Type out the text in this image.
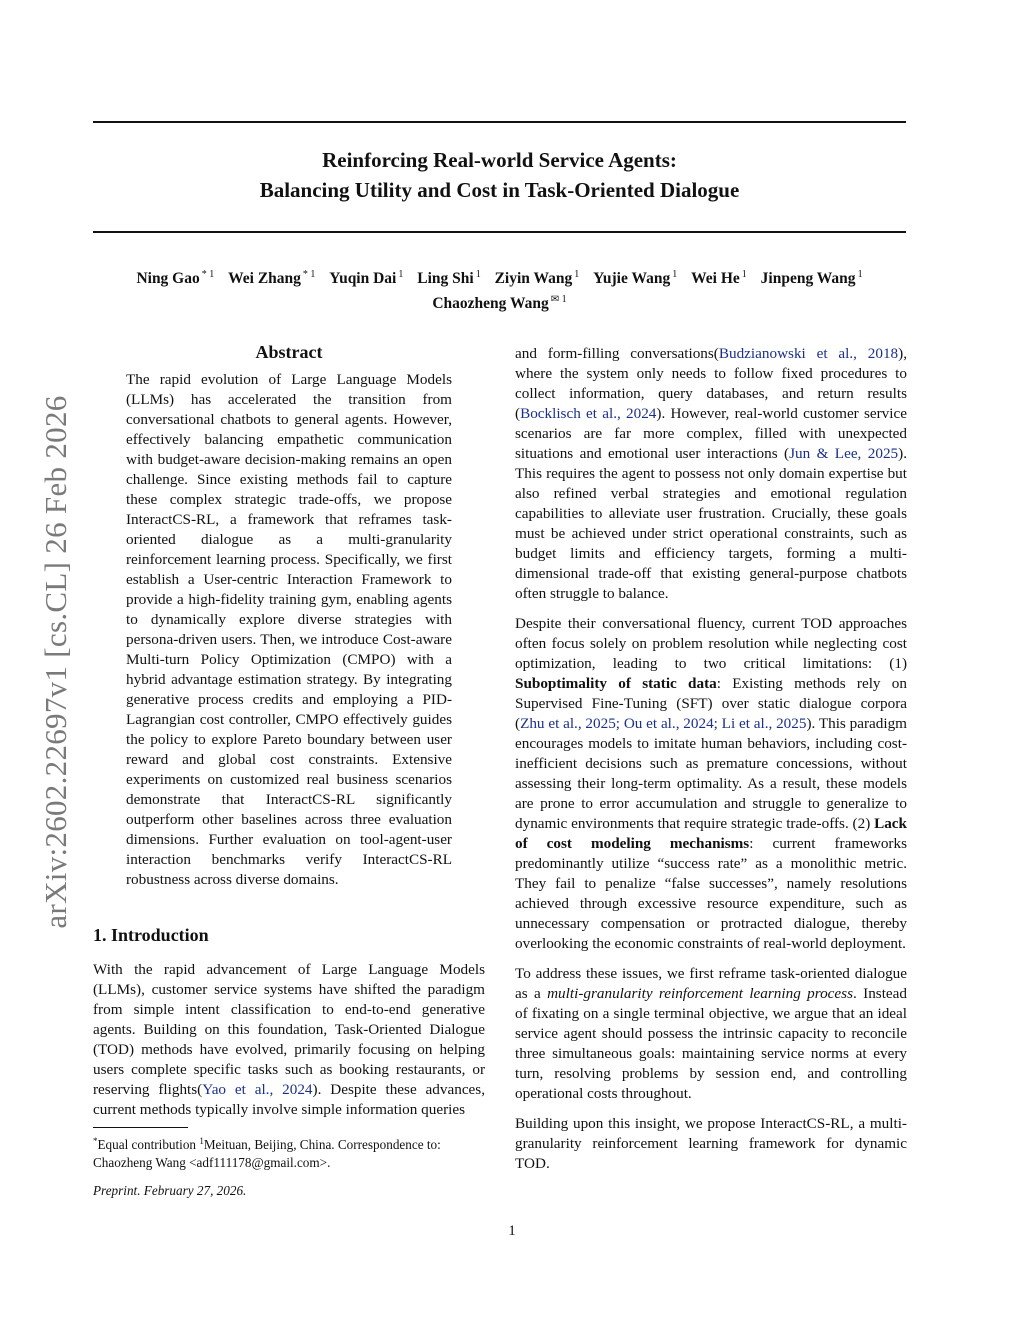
Reinforcing Real-world Service Agents:
Balancing Utility and Cost in Task-Oriented Dialogue
Ning Gao $^{* 1}$ Wei Zhang $^{* 1}$ Yuqin Dai $^1$ Ling Shi $^1$ Ziyin Wang $^1$ Yujie Wang $^1$ Wei He $^1$ Jinpeng Wang $^1$
Chaozheng Wang $^{✉ 1}$
arXiv:2602.22697v1 [cs.CL] 26 Feb 2026
Abstract

The rapid evolution of Large Language Models (LLMs) has accelerated the transition from conversational chatbots to general agents. However, effectively balancing empathetic communication with budget-aware decision-making remains an open challenge. Since existing methods fail to capture these complex strategic trade-offs, we propose InteractCS-RL, a framework that reframes task-oriented dialogue as a multi-granularity reinforcement learning process. Specifically, we first establish a User-centric Interaction Framework to provide a high-fidelity training gym, enabling agents to dynamically explore diverse strategies with persona-driven users. Then, we introduce Cost-aware Multi-turn Policy Optimization (CMPO) with a hybrid advantage estimation strategy. By integrating generative process credits and employing a PID-Lagrangian cost controller, CMPO effectively guides the policy to explore Pareto boundary between user reward and global cost constraints. Extensive experiments on customized real business scenarios demonstrate that InteractCS-RL significantly outperform other baselines across three evaluation dimensions. Further evaluation on tool-agent-user interaction benchmarks verify InteractCS-RL robustness across diverse domains.

1. Introduction

With the rapid advancement of Large Language Models (LLMs), customer service systems have shifted the paradigm from simple intent classification to end-to-end generative agents. Building on this foundation, Task-Oriented Dialogue (TOD) methods have evolved, primarily focusing on helping users complete specific tasks such as booking restaurants, or reserving flights(Yao et al., 2024). Despite these advances, current methods typically involve simple information queries

*Equal contribution $^1$Meituan, Beijing, China. Correspondence to: Chaozheng Wang <adf111178@gmail.com>.
Preprint. February 27, 2026.

and form-filling conversations(Budzianowski et al., 2018), where the system only needs to follow fixed procedures to collect information, query databases, and return results (Bocklisch et al., 2024). However, real-world customer service scenarios are far more complex, filled with unexpected situations and emotional user interactions (Jun & Lee, 2025). This requires the agent to possess not only domain expertise but also refined verbal strategies and emotional regulation capabilities to alleviate user frustration. Crucially, these goals must be achieved under strict operational constraints, such as budget limits and efficiency targets, forming a multi-dimensional trade-off that existing general-purpose chatbots often struggle to balance.

Despite their conversational fluency, current TOD approaches often focus solely on problem resolution while neglecting cost optimization, leading to two critical limitations: (1) Suboptimality of static data: Existing methods rely on Supervised Fine-Tuning (SFT) over static dialogue corpora (Zhu et al., 2025; Ou et al., 2024; Li et al., 2025). This paradigm encourages models to imitate human behaviors, including cost-inefficient decisions such as premature concessions, without assessing their long-term optimality. As a result, these models are prone to error accumulation and struggle to generalize to dynamic environments that require strategic trade-offs. (2) Lack of cost modeling mechanisms: current frameworks predominantly utilize “success rate” as a monolithic metric. They fail to penalize “false successes”, namely resolutions achieved through excessive resource expenditure, such as unnecessary compensation or protracted dialogue, thereby overlooking the economic constraints of real-world deployment.

To address these issues, we first reframe task-oriented dialogue as a multi-granularity reinforcement learning process. Instead of fixating on a single terminal objective, we argue that an ideal service agent should possess the intrinsic capacity to reconcile three simultaneous goals: maintaining service norms at every turn, resolving problems by session end, and controlling operational costs throughout.

Building upon this insight, we propose InteractCS-RL, a multi-granularity reinforcement learning framework for dynamic TOD.

1
